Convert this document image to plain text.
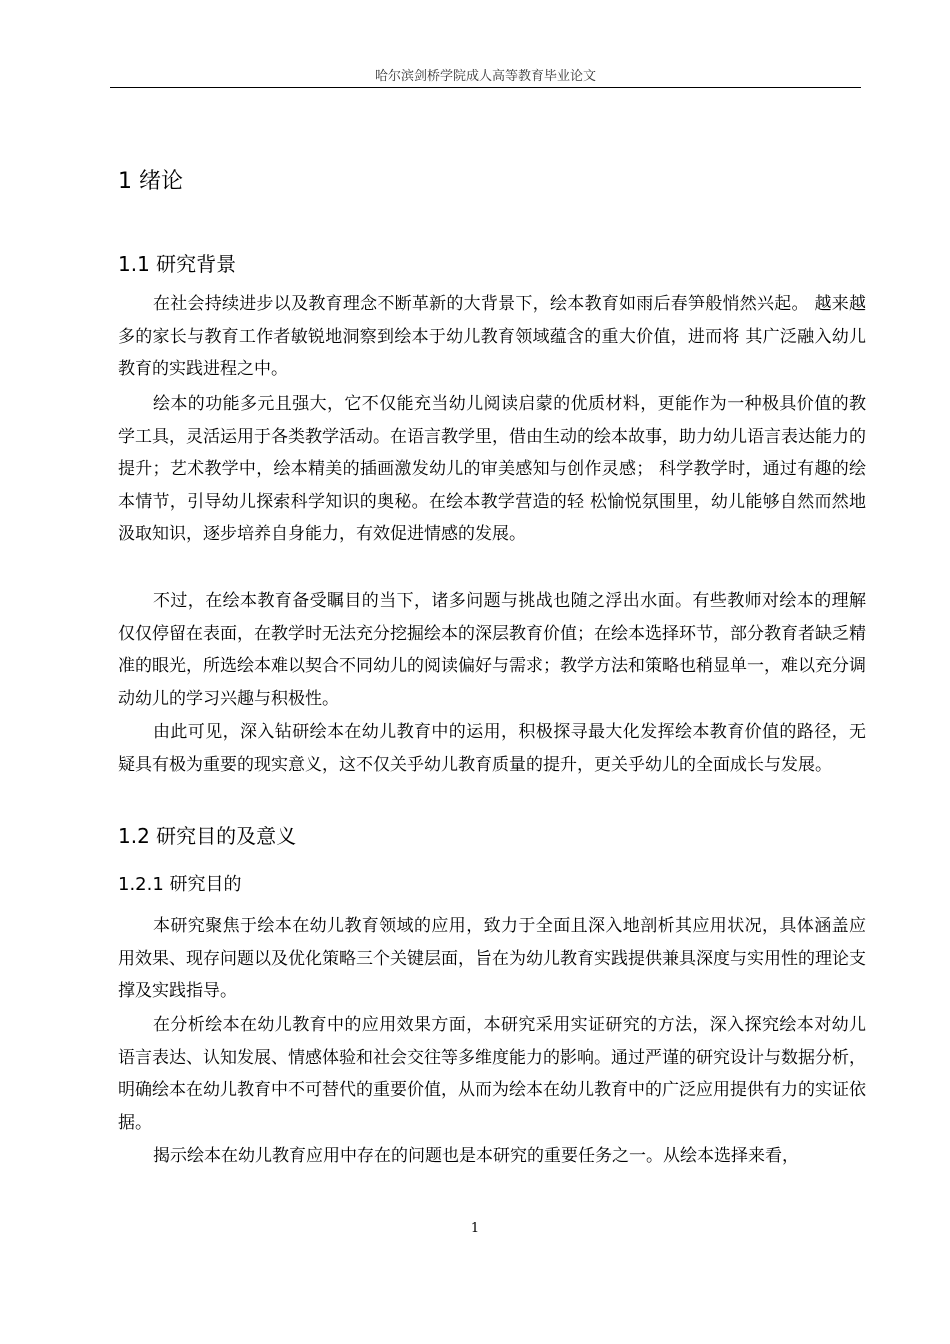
哈尔滨剑桥学院成人高等教育毕业论文
1 绪论
1.1 研究背景

在社会持续进步以及教育理念不断革新的大背景下，绘本教育如雨后春笋般悄然兴起。 越来越多的家长与教育工作者敏锐地洞察到绘本于幼儿教育领域蕴含的重大价值，进而将 其广泛融入幼儿教育的实践进程之中。

绘本的功能多元且强大，它不仅能充当幼儿阅读启蒙的优质材料，更能作为一种极具价值的教学工具，灵活运用于各类教学活动。在语言教学里，借由生动的绘本故事，助力幼儿语言表达能力的提升；艺术教学中，绘本精美的插画激发幼儿的审美感知与创作灵感； 科学教学时，通过有趣的绘本情节，引导幼儿探索科学知识的奥秘。在绘本教学营造的轻 松愉悦氛围里，幼儿能够自然而然地汲取知识，逐步培养自身能力，有效促进情感的发展。

不过，在绘本教育备受瞩目的当下，诸多问题与挑战也随之浮出水面。有些教师对绘本的理解仅仅停留在表面，在教学时无法充分挖掘绘本的深层教育价值；在绘本选择环节，部分教育者缺乏精准的眼光，所选绘本难以契合不同幼儿的阅读偏好与需求；教学方法和策略也稍显单一，难以充分调动幼儿的学习兴趣与积极性。

由此可见，深入钻研绘本在幼儿教育中的运用，积极探寻最大化发挥绘本教育价值的路径，无疑具有极为重要的现实意义，这不仅关乎幼儿教育质量的提升，更关乎幼儿的全面成长与发展。

1.2 研究目的及意义
1.2.1 研究目的

本研究聚焦于绘本在幼儿教育领域的应用，致力于全面且深入地剖析其应用状况，具体涵盖应用效果、现存问题以及优化策略三个关键层面，旨在为幼儿教育实践提供兼具深度与实用性的理论支撑及实践指导。

在分析绘本在幼儿教育中的应用效果方面，本研究采用实证研究的方法，深入探究绘本对幼儿语言表达、认知发展、情感体验和社会交往等多维度能力的影响。通过严谨的研究设计与数据分析，明确绘本在幼儿教育中不可替代的重要价值，从而为绘本在幼儿教育中的广泛应用提供有力的实证依据。

揭示绘本在幼儿教育应用中存在的问题也是本研究的重要任务之一。从绘本选择来看，

1
